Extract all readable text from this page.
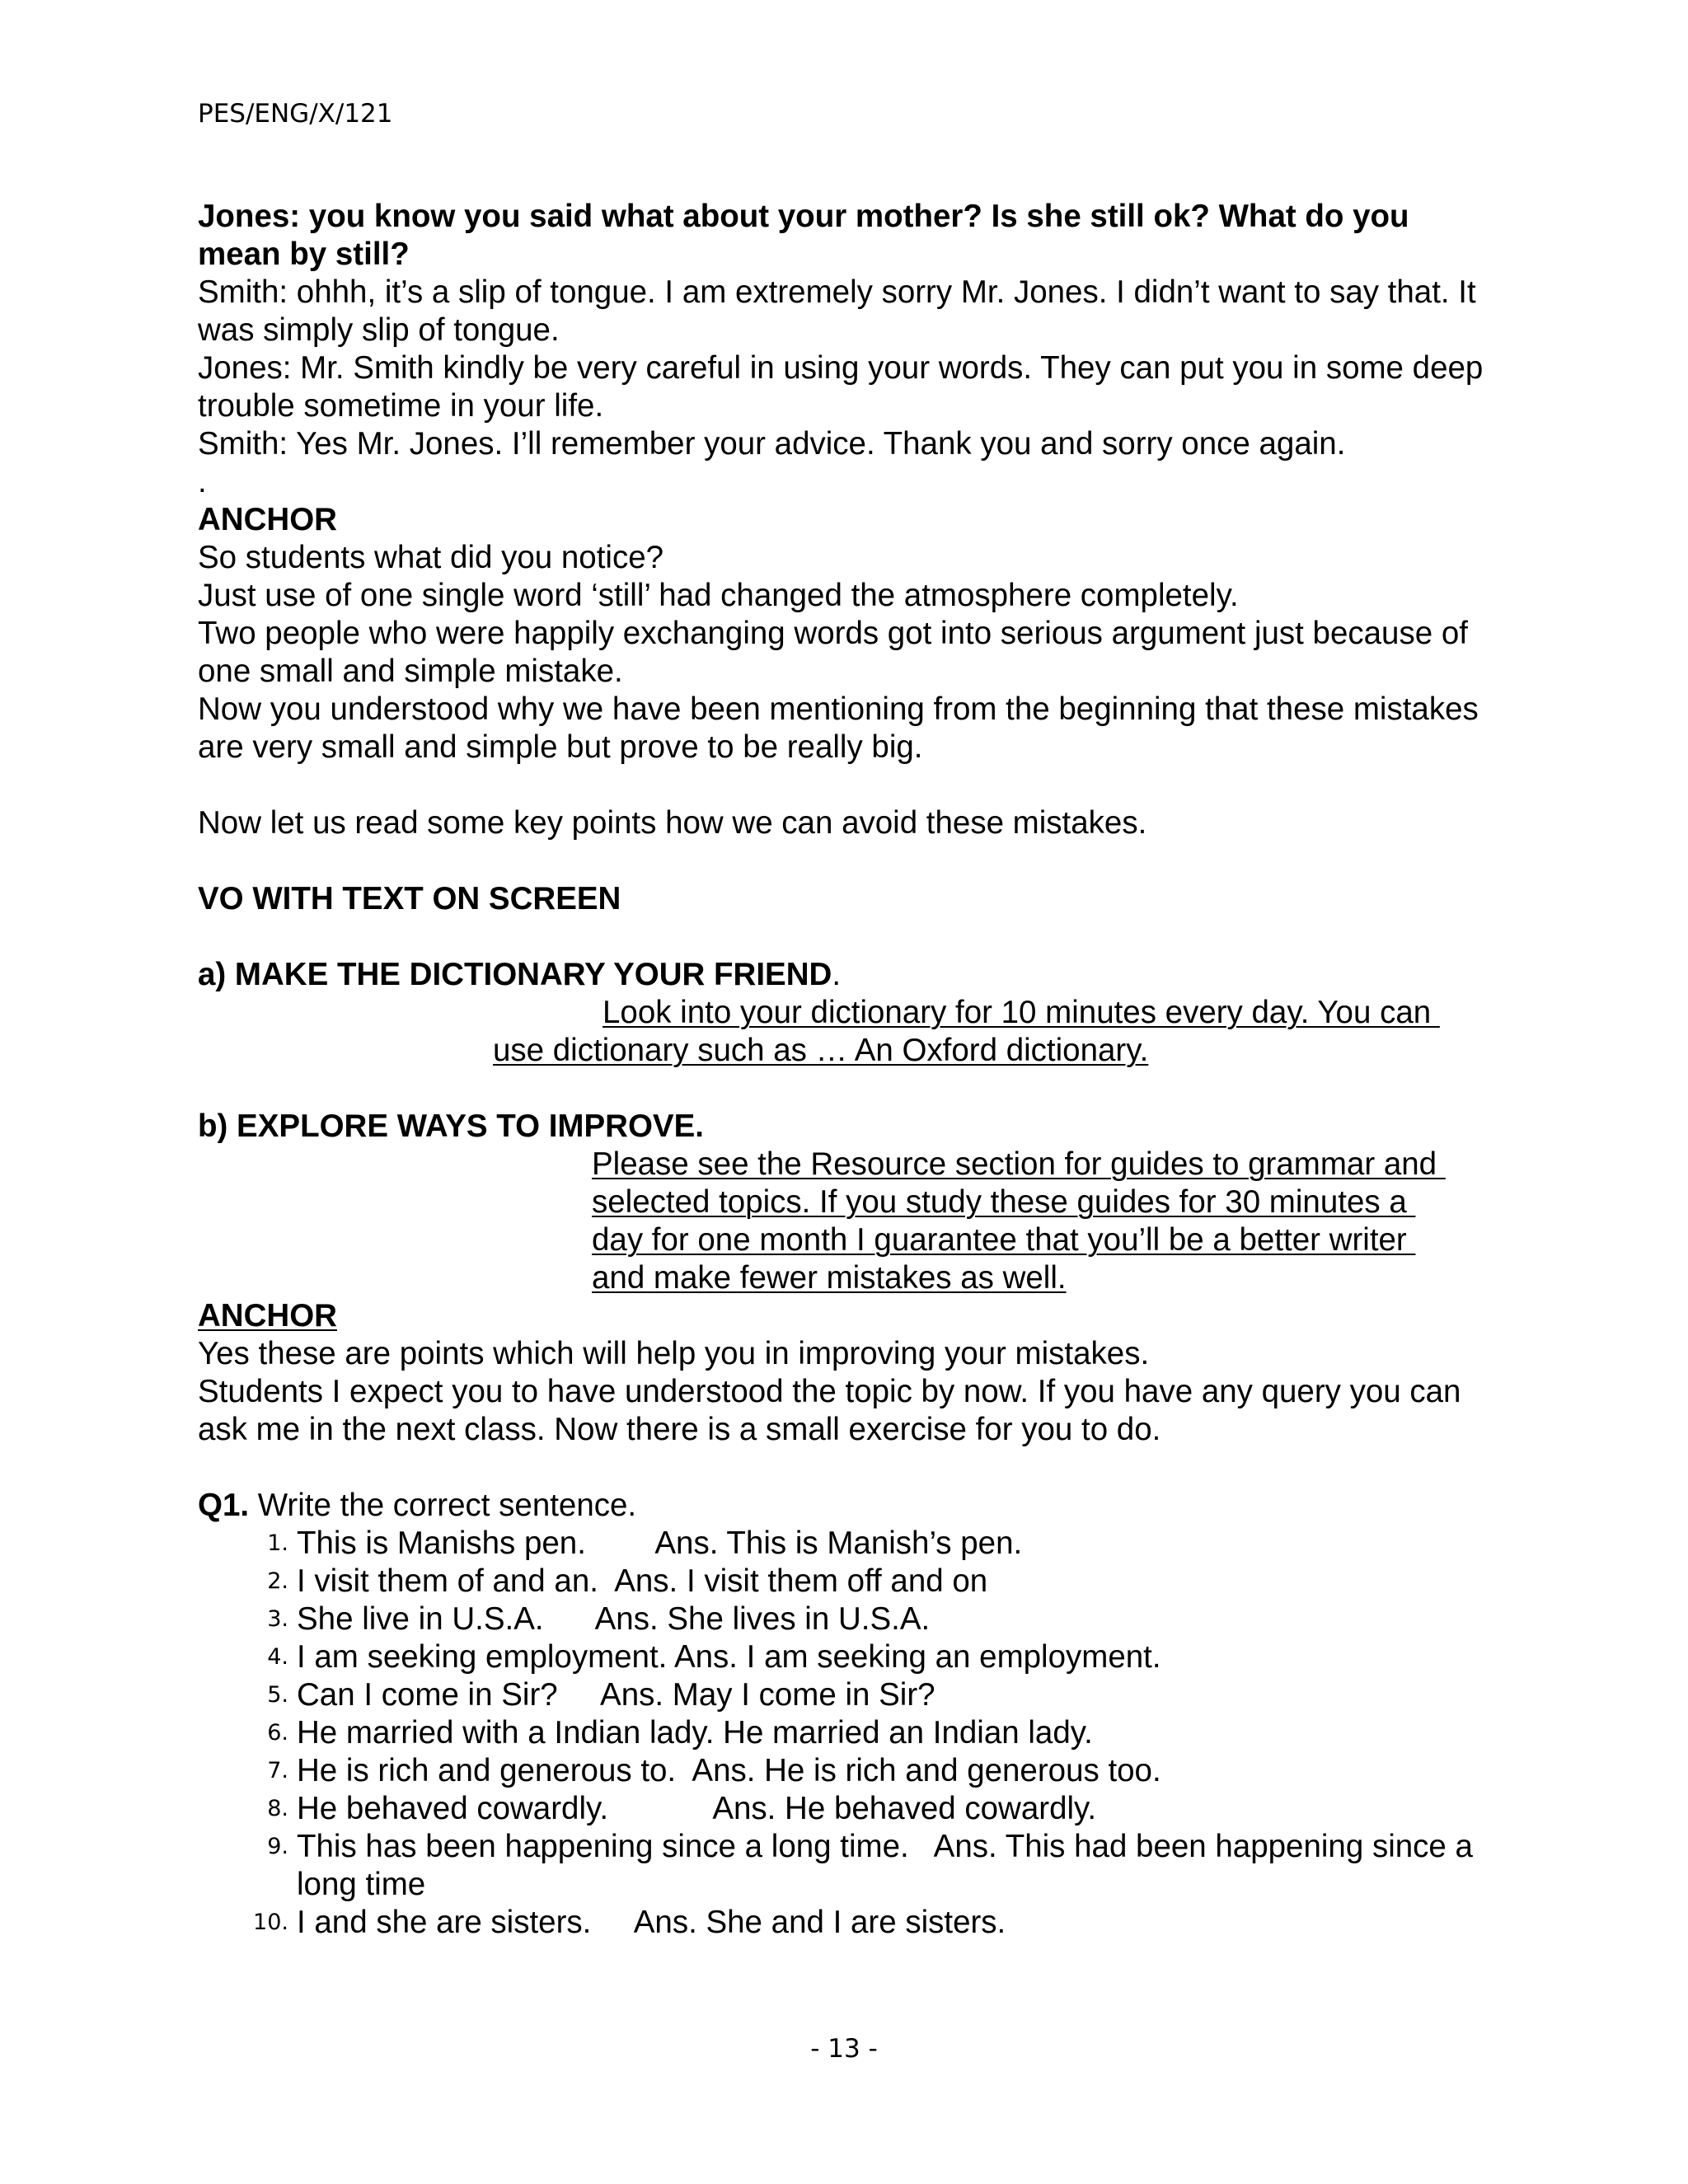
PES/ENG/X/121
Jones: you know you said what about your mother? Is she still ok? What do you mean by still?
Smith: ohhh, it’s a slip of tongue. I am extremely sorry Mr. Jones. I didn’t want to say that. It was simply slip of tongue.
Jones: Mr. Smith kindly be very careful in using your words. They can put you in some deep trouble sometime in your life.
Smith: Yes Mr. Jones. I’ll remember your advice. Thank you and sorry once again.
.
ANCHOR
So students what did you notice?
Just use of one single word ‘still’ had changed the atmosphere completely.
Two people who were happily exchanging words got into serious argument just because of one small and simple mistake.
Now you understood why we have been mentioning from the beginning that these mistakes are very small and simple but prove to be really big.
Now let us read some key points how we can avoid these mistakes.
VO WITH TEXT ON SCREEN
a) MAKE THE DICTIONARY YOUR FRIEND.
Look into your dictionary for 10 minutes every day. You can
use dictionary such as … An Oxford dictionary.
b) EXPLORE WAYS TO IMPROVE.
Please see the Resource section for guides to grammar and
selected topics. If you study these guides for 30 minutes a
day for one month I guarantee that you’ll be a better writer
and make fewer mistakes as well.
ANCHOR
Yes these are points which will help you in improving your mistakes.
Students I expect you to have understood the topic by now. If you have any query you can ask me in the next class. Now there is a small exercise for you to do.
Q1. Write the correct sentence.
1. This is Manishs pen.        Ans. This is Manish’s pen.
2. I visit them of and an.  Ans. I visit them off and on
3. She live in U.S.A.      Ans. She lives in U.S.A.
4. I am seeking employment. Ans. I am seeking an employment.
5. Can I come in Sir?     Ans. May I come in Sir?
6. He married with a Indian lady. He married an Indian lady.
7. He is rich and generous to.  Ans. He is rich and generous too.
8. He behaved cowardly.            Ans. He behaved cowardly.
9. This has been happening since a long time.   Ans. This had been happening since a long time
10. I and she are sisters.     Ans. She and I are sisters.
- 13 -
